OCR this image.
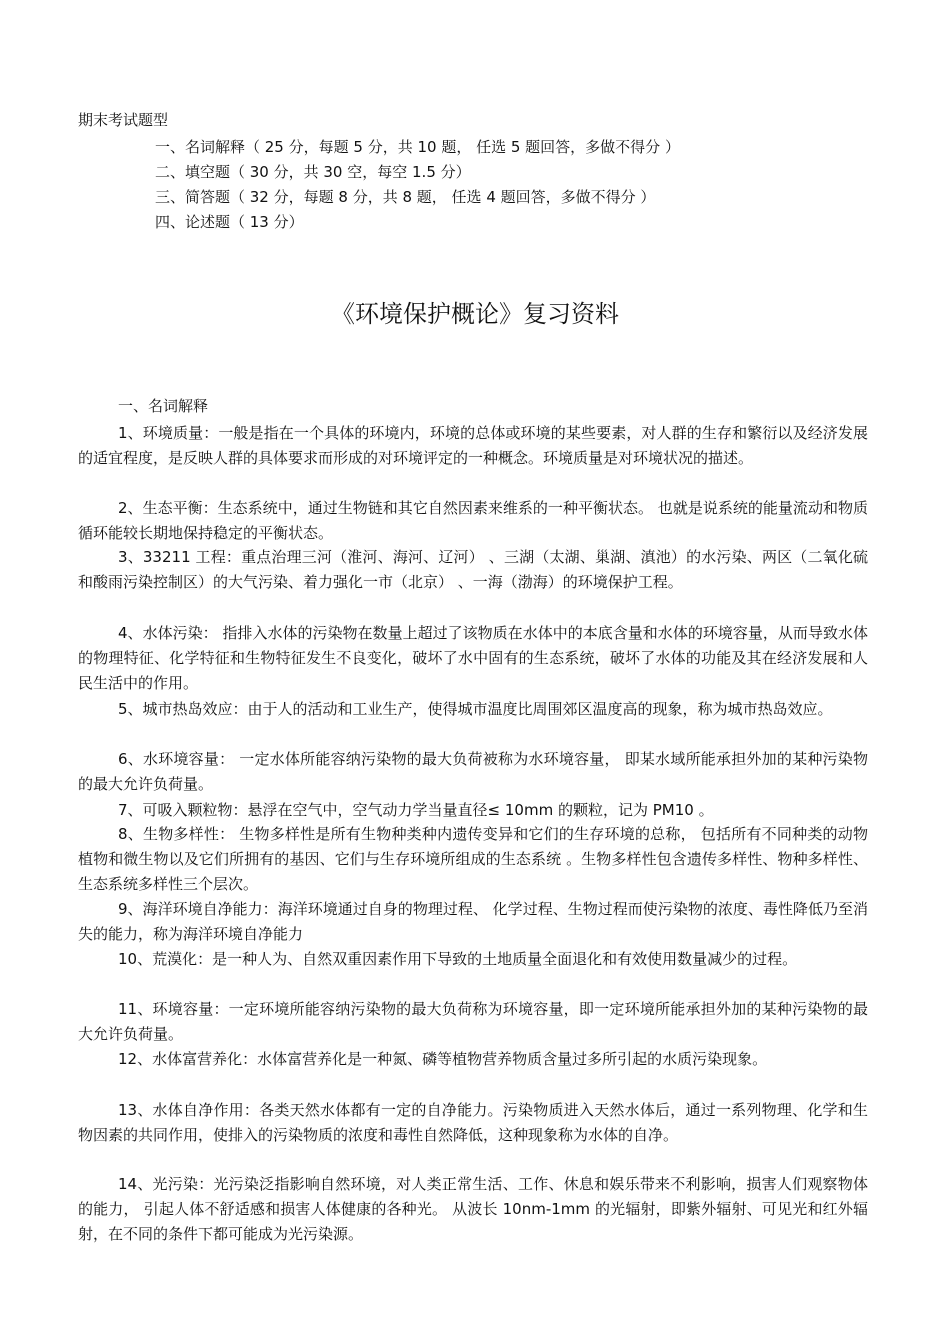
期末考试题型
一、名词解释（ 25 分，每题 5 分，共 10 题， 任选 5 题回答，多做不得分 ）
二、填空题（ 30 分，共 30 空，每空 1.5 分）
三、简答题（ 32 分，每题 8 分，共 8 题， 任选 4 题回答，多做不得分 ）
四、论述题（ 13 分）
《环境保护概论》复习资料
一、名词解释
1、环境质量：一般是指在一个具体的环境内，环境的总体或环境的某些要素，对人群的生存和繁衍以及经济发展的适宜程度，是反映人群的具体要求而形成的对环境评定的一种概念。环境质量是对环境状况的描述。
2、生态平衡：生态系统中，通过生物链和其它自然因素来维系的一种平衡状态。 也就是说系统的能量流动和物质循环能较长期地保持稳定的平衡状态。
3、33211 工程：重点治理三河（淮河、海河、辽河） 、三湖（太湖、巢湖、滇池）的水污染、两区（二氧化硫和酸雨污染控制区）的大气污染、着力强化一市（北京） 、一海（渤海）的环境保护工程。
4、水体污染： 指排入水体的污染物在数量上超过了该物质在水体中的本底含量和水体的环境容量，从而导致水体的物理特征、化学特征和生物特征发生不良变化，破坏了水中固有的生态系统，破坏了水体的功能及其在经济发展和人民生活中的作用。
5、城市热岛效应：由于人的活动和工业生产，使得城市温度比周围郊区温度高的现象，称为城市热岛效应。
6、水环境容量： 一定水体所能容纳污染物的最大负荷被称为水环境容量， 即某水域所能承担外加的某种污染物的最大允许负荷量。
7、可吸入颗粒物：悬浮在空气中，空气动力学当量直径≤ 10mm 的颗粒，记为 PM10 。
8、生物多样性： 生物多样性是所有生物种类种内遗传变异和它们的生存环境的总称， 包括所有不同种类的动物植物和微生物以及它们所拥有的基因、它们与生存环境所组成的生态系统 。生物多样性包含遗传多样性、物种多样性、生态系统多样性三个层次。
9、海洋环境自净能力：海洋环境通过自身的物理过程、 化学过程、生物过程而使污染物的浓度、毒性降低乃至消失的能力，称为海洋环境自净能力
10、荒漠化：是一种人为、自然双重因素作用下导致的土地质量全面退化和有效使用数量减少的过程。
11、环境容量：一定环境所能容纳污染物的最大负荷称为环境容量，即一定环境所能承担外加的某种污染物的最大允许负荷量。
12、水体富营养化：水体富营养化是一种氮、磷等植物营养物质含量过多所引起的水质污染现象。
13、水体自净作用：各类天然水体都有一定的自净能力。污染物质进入天然水体后，通过一系列物理、化学和生物因素的共同作用，使排入的污染物质的浓度和毒性自然降低，这种现象称为水体的自净。
14、光污染：光污染泛指影响自然环境，对人类正常生活、工作、休息和娱乐带来不利影响，损害人们观察物体的能力， 引起人体不舒适感和损害人体健康的各种光。 从波长 10nm-1mm 的光辐射，即紫外辐射、可见光和红外辐射，在不同的条件下都可能成为光污染源。
